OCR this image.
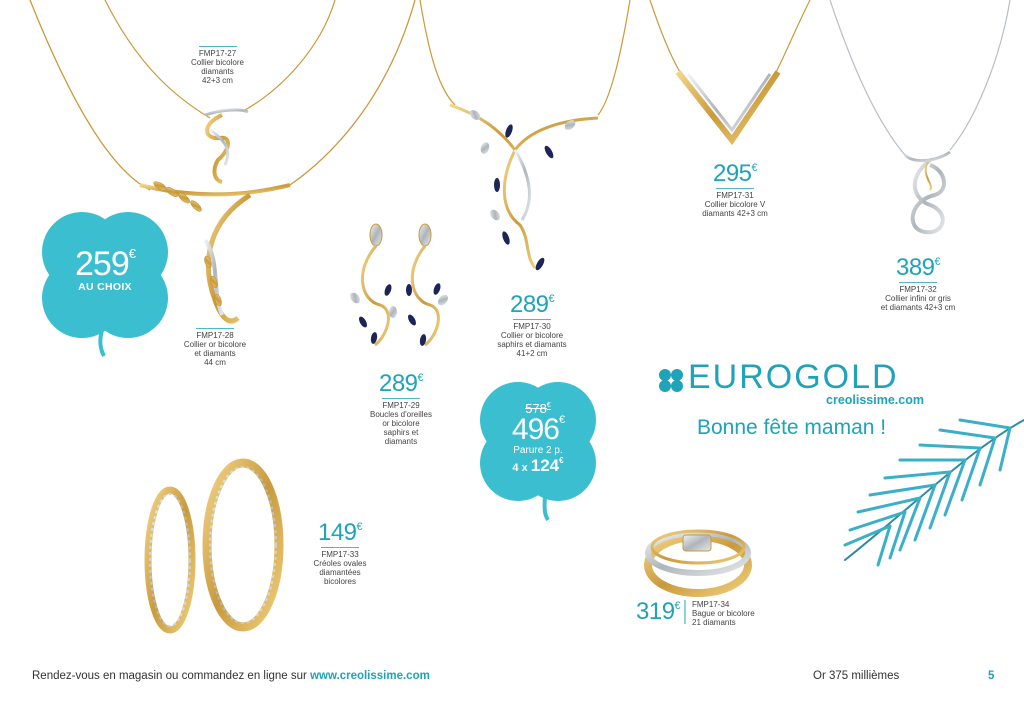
259€
AU CHOIX
578€
496€
Parure 2 p.
4 x 124€
FMP17-27
Collier bicolore
diamants
42+3 cm
FMP17-28
Collier or bicolore
et diamants
44 cm
289€
FMP17-29
Boucles d'oreilles
or bicolore
saphirs et
diamants
289€
FMP17-30
Collier or bicolore
saphirs et diamants
41+2 cm
295€
FMP17-31
Collier bicolore V
diamants 42+3 cm
389€
FMP17-32
Collier infini or gris
et diamants 42+3 cm
149€
FMP17-33
Créoles ovales
diamantées
bicolores
319€ FMP17-34
Bague or bicolore
21 diamants
EUROGOLD
creolissime.com
Bonne fête maman !
Rendez-vous en magasin ou commandez en ligne sur www.creolissime.com	Or 375 millièmes	5
